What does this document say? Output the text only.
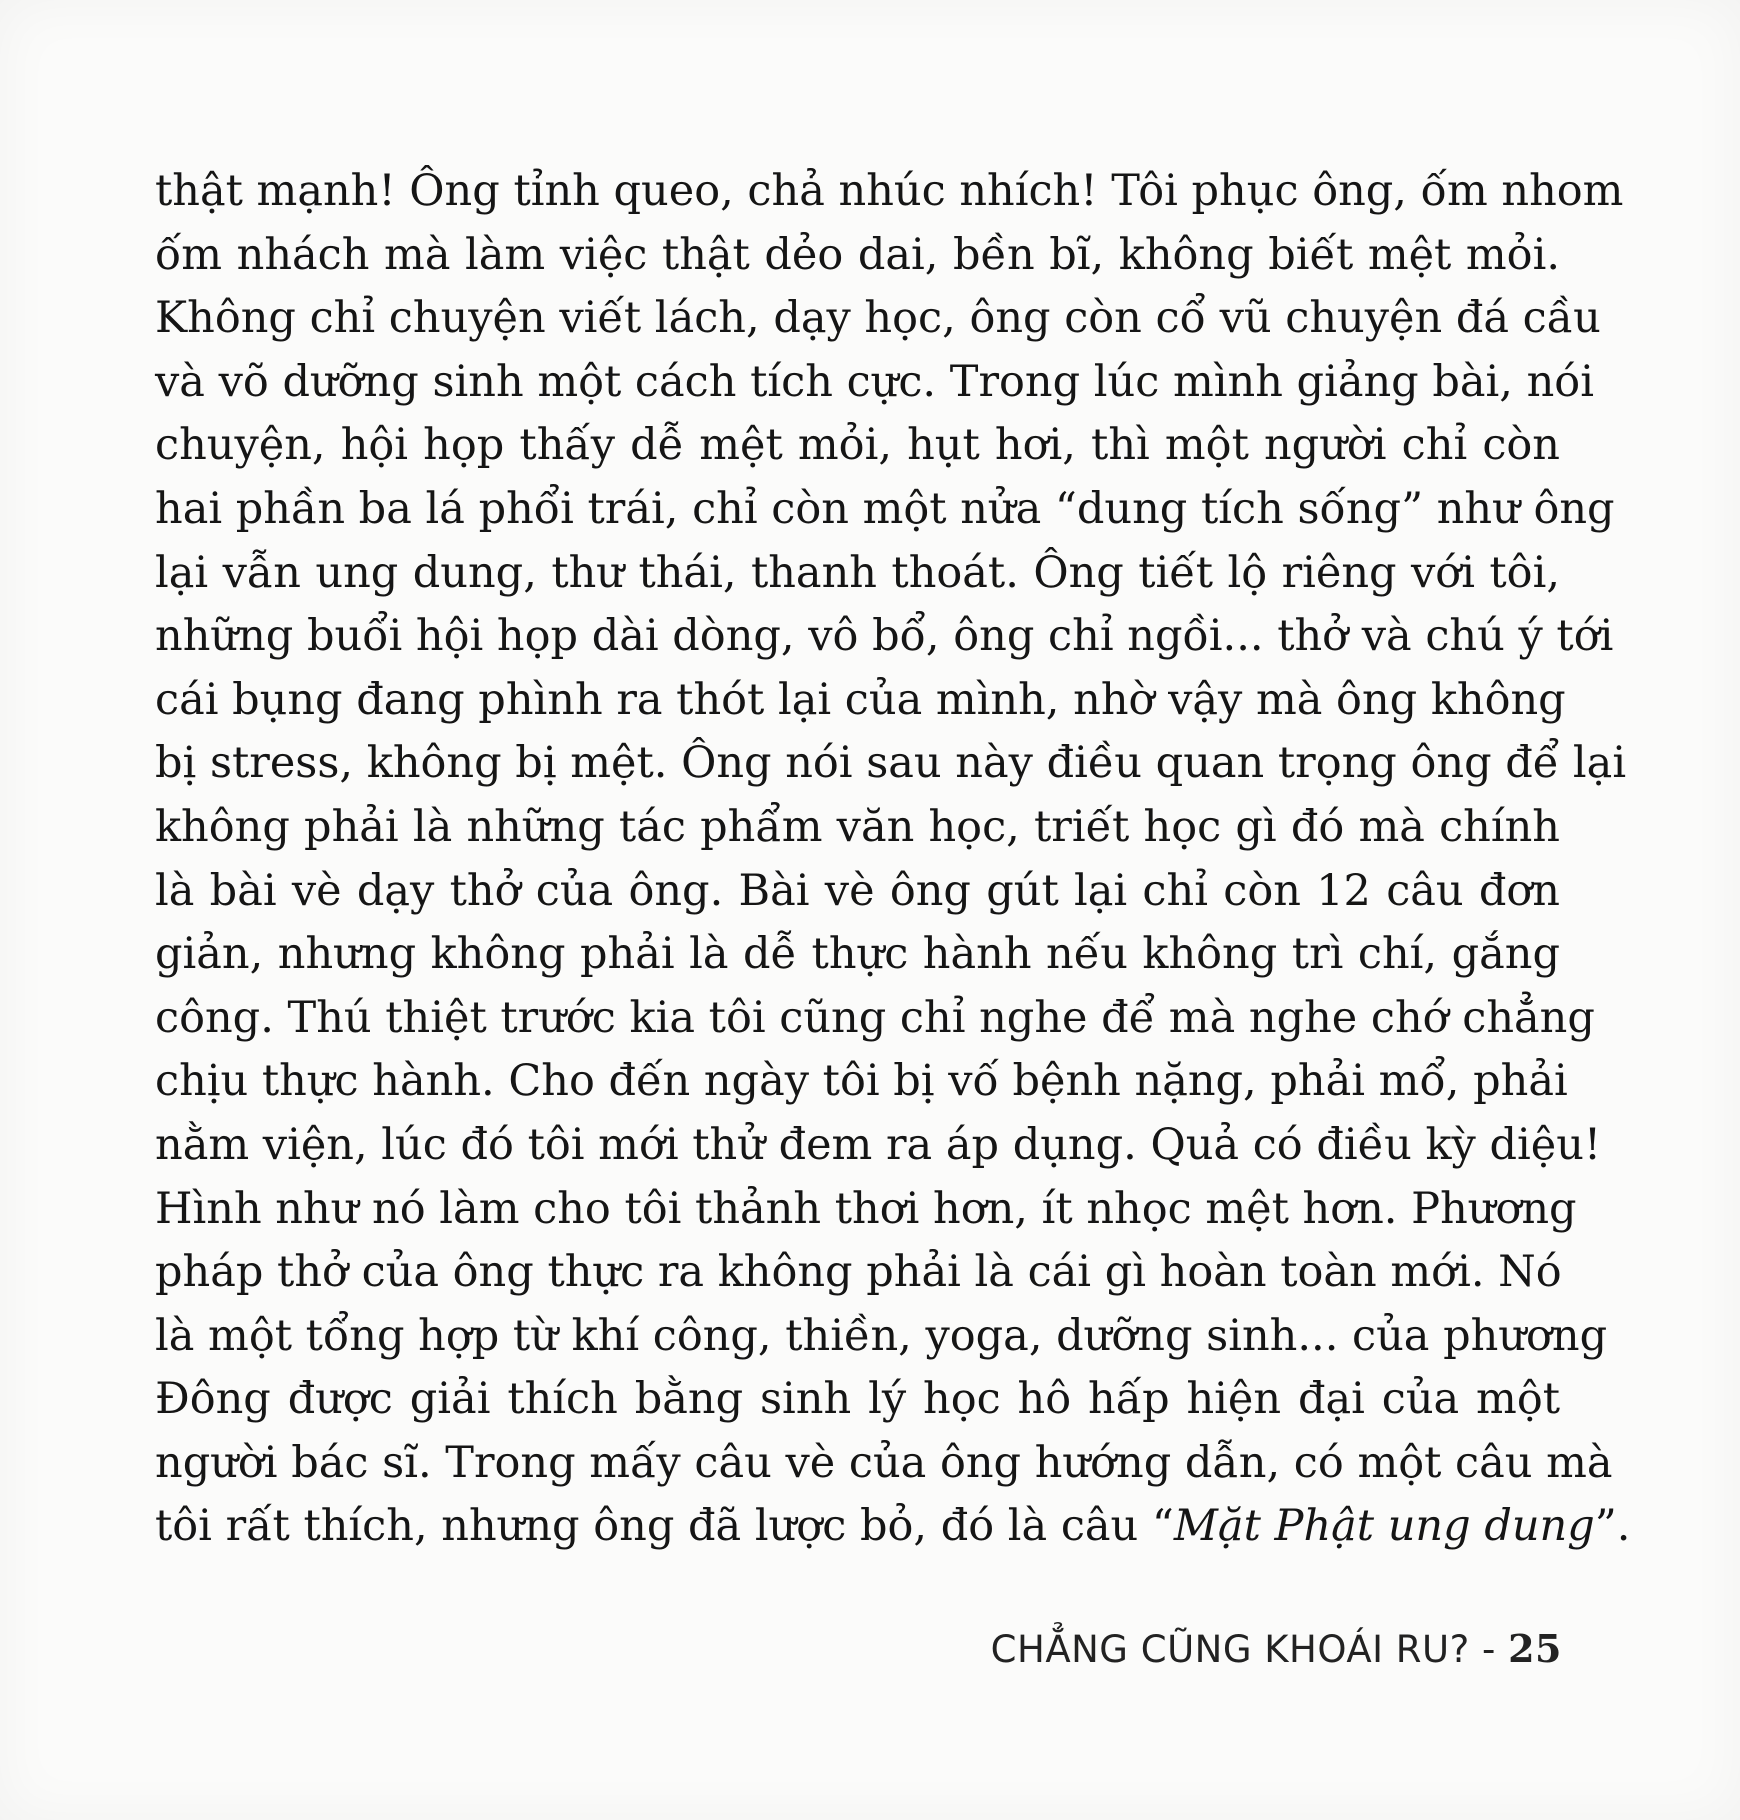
thật mạnh! Ông tỉnh queo, chả nhúc nhích! Tôi phục ông, ốm nhom
ốm nhách mà làm việc thật dẻo dai, bền bĩ, không biết mệt mỏi.
Không chỉ chuyện viết lách, dạy học, ông còn cổ vũ chuyện đá cầu
và võ dưỡng sinh một cách tích cực. Trong lúc mình giảng bài, nói
chuyện, hội họp thấy dễ mệt mỏi, hụt hơi, thì một người chỉ còn
hai phần ba lá phổi trái, chỉ còn một nửa “dung tích sống” như ông
lại vẫn ung dung, thư thái, thanh thoát. Ông tiết lộ riêng với tôi,
những buổi hội họp dài dòng, vô bổ, ông chỉ ngồi... thở và chú ý tới
cái bụng đang phình ra thót lại của mình, nhờ vậy mà ông không
bị stress, không bị mệt. Ông nói sau này điều quan trọng ông để lại
không phải là những tác phẩm văn học, triết học gì đó mà chính
là bài vè dạy thở của ông. Bài vè ông gút lại chỉ còn 12 câu đơn
giản, nhưng không phải là dễ thực hành nếu không trì chí, gắng
công. Thú thiệt trước kia tôi cũng chỉ nghe để mà nghe chớ chẳng
chịu thực hành. Cho đến ngày tôi bị vố bệnh nặng, phải mổ, phải
nằm viện, lúc đó tôi mới thử đem ra áp dụng. Quả có điều kỳ diệu!
Hình như nó làm cho tôi thảnh thơi hơn, ít nhọc mệt hơn. Phương
pháp thở của ông thực ra không phải là cái gì hoàn toàn mới. Nó
là một tổng hợp từ khí công, thiền, yoga, dưỡng sinh... của phương
Đông được giải thích bằng sinh lý học hô hấp hiện đại của một
người bác sĩ. Trong mấy câu vè của ông hướng dẫn, có một câu mà
tôi rất thích, nhưng ông đã lược bỏ, đó là câu “Mặt Phật ung dung”.
CHẲNG CŨNG KHOÁI RU? - 25
